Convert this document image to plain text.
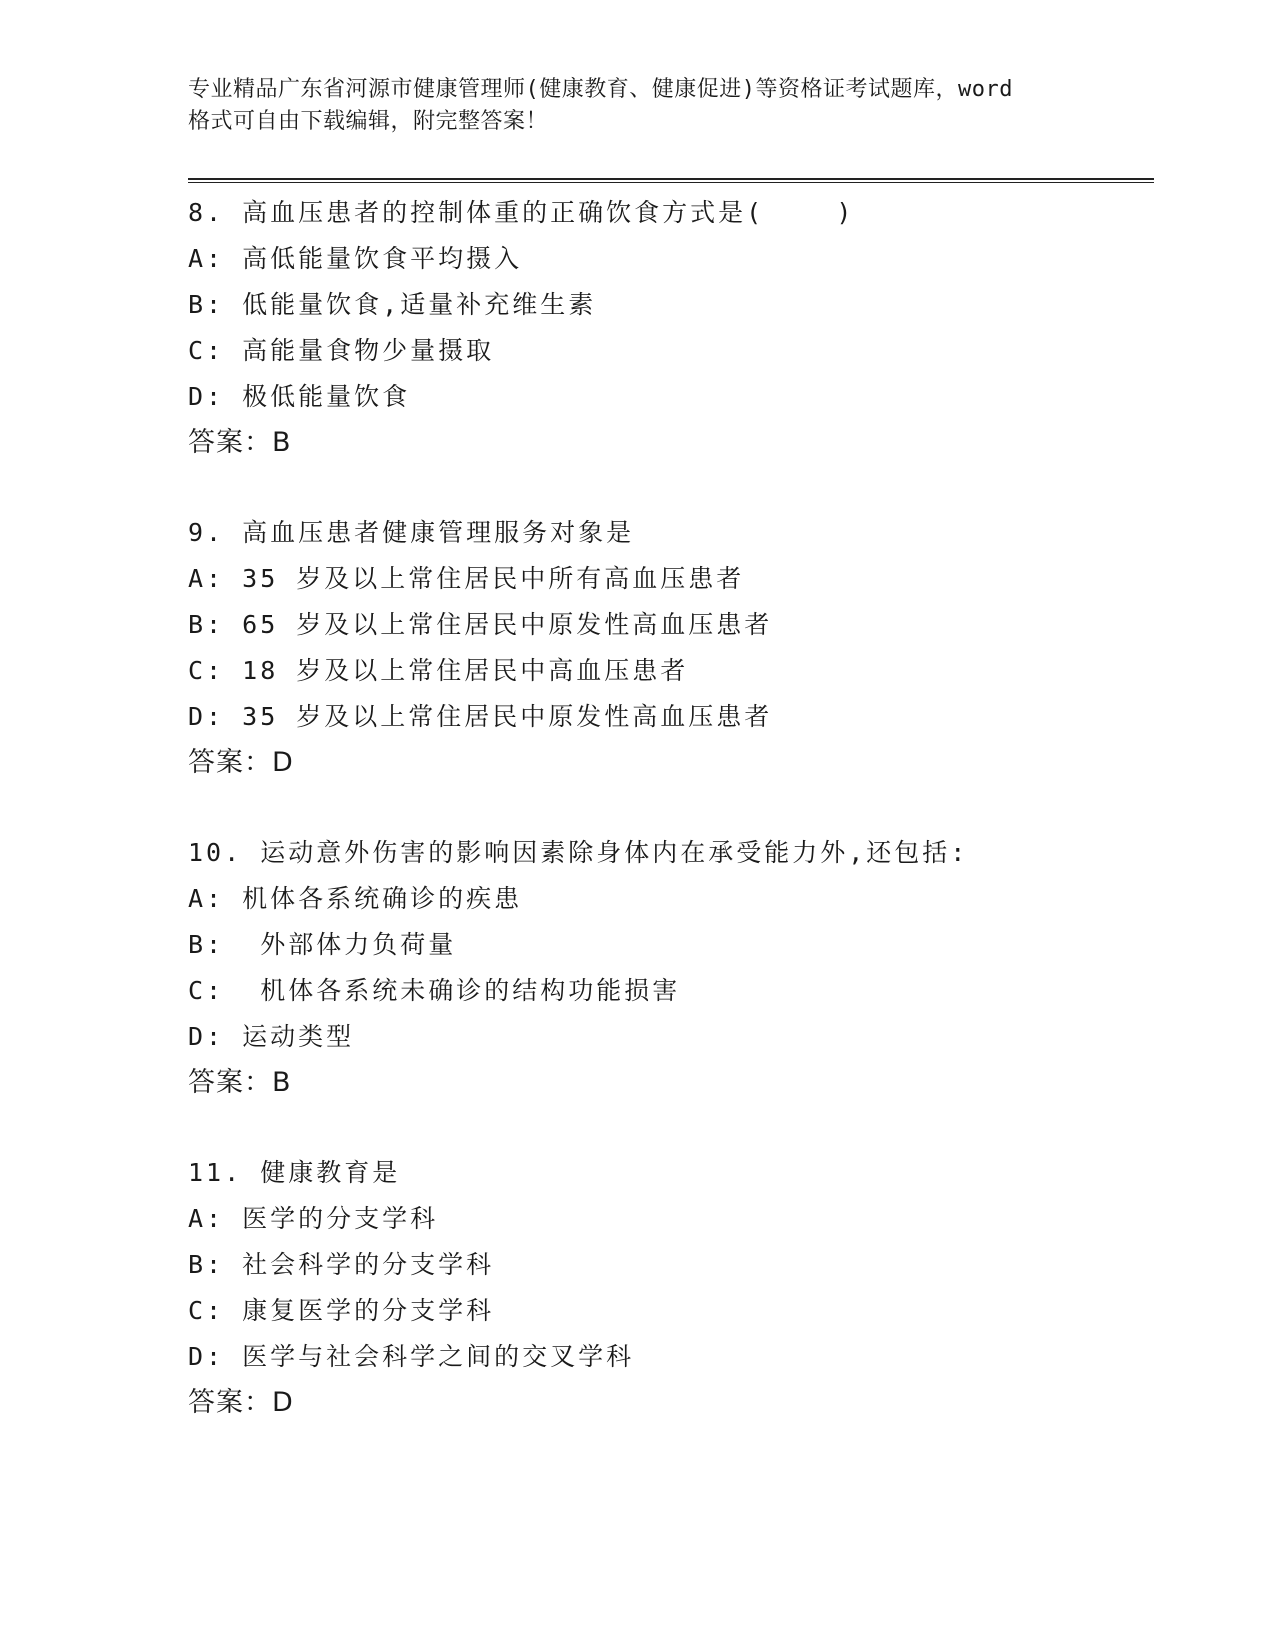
专业精品广东省河源市健康管理师(健康教育、健康促进)等资格证考试题库，word
格式可自由下载编辑，附完整答案！
8. 高血压患者的控制体重的正确饮食方式是(    )
A: 高低能量饮食平均摄入
B: 低能量饮食,适量补充维生素
C: 高能量食物少量摄取
D: 极低能量饮食
答案：B
9. 高血压患者健康管理服务对象是
A: 35 岁及以上常住居民中所有高血压患者
B: 65 岁及以上常住居民中原发性高血压患者
C: 18 岁及以上常住居民中高血压患者
D: 35 岁及以上常住居民中原发性高血压患者
答案：D
10. 运动意外伤害的影响因素除身体内在承受能力外,还包括:
A: 机体各系统确诊的疾患
B:  外部体力负荷量
C:  机体各系统未确诊的结构功能损害
D: 运动类型
答案：B
11. 健康教育是
A: 医学的分支学科
B: 社会科学的分支学科
C: 康复医学的分支学科
D: 医学与社会科学之间的交叉学科
答案：D
